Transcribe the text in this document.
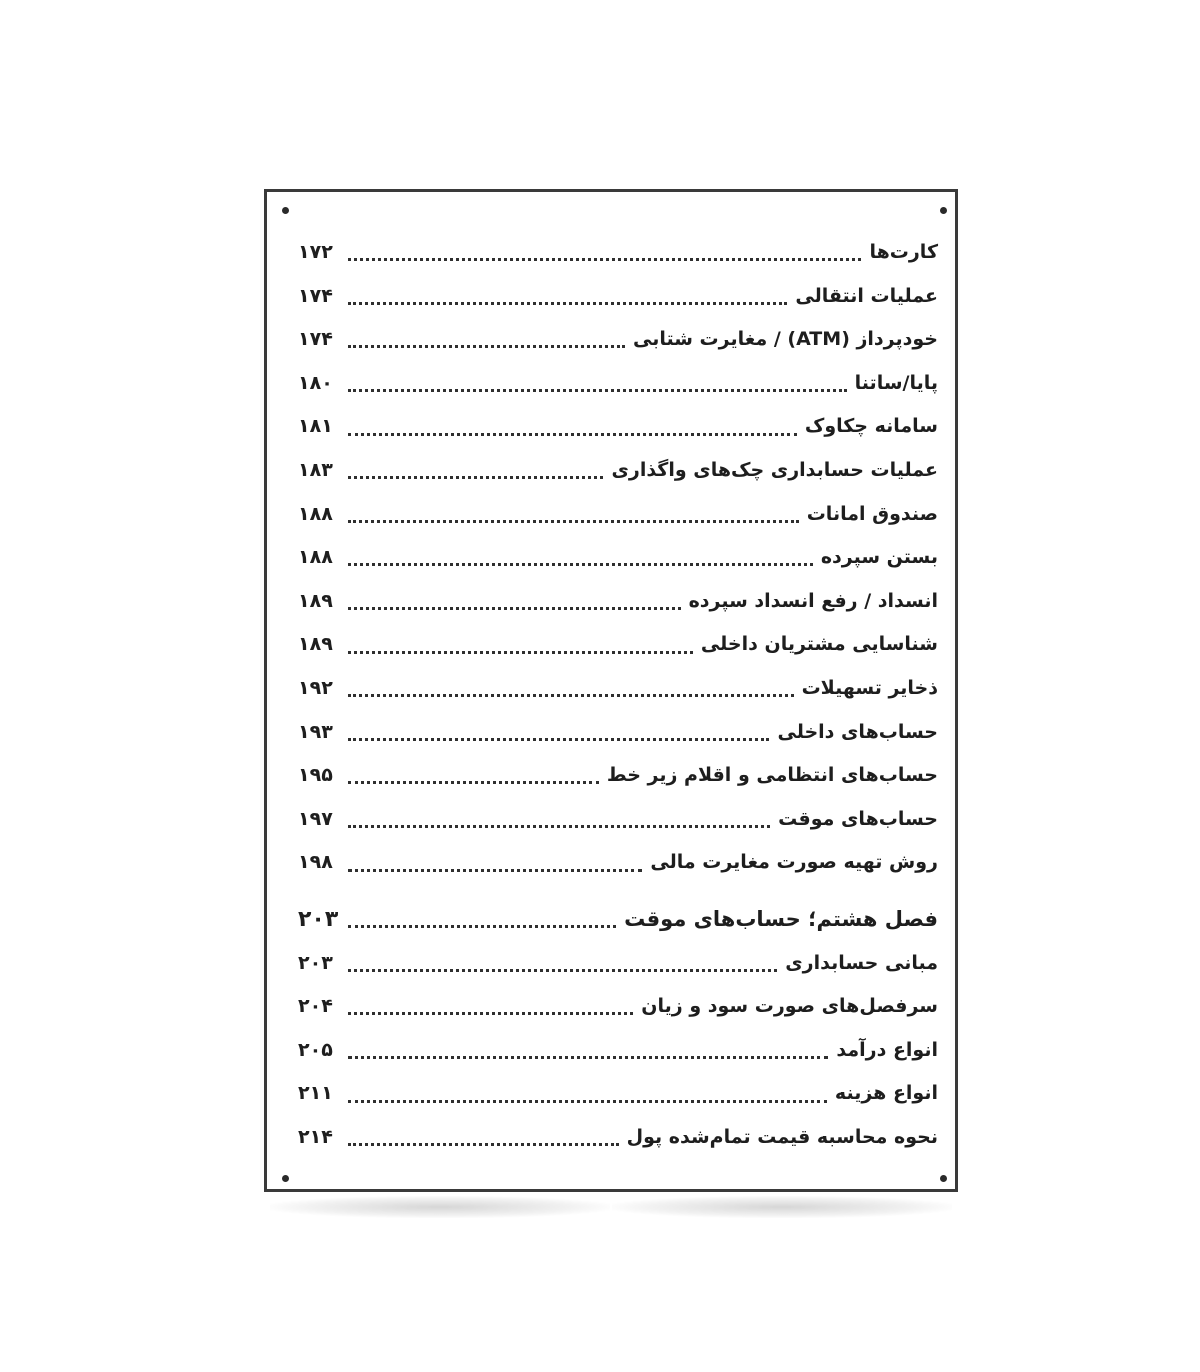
کارت‌ها
۱۷۲
عملیات انتقالی
۱۷۴
خودپرداز (ATM) / مغایرت شتابی
۱۷۴
پایا/ساتنا
۱۸۰
سامانه چکاوک
۱۸۱
عملیات حسابداری چک‌های واگذاری
۱۸۳
صندوق امانات
۱۸۸
بستن سپرده
۱۸۸
انسداد / رفع انسداد سپرده
۱۸۹
شناسایی مشتریان داخلی
۱۸۹
ذخایر تسهیلات
۱۹۲
حساب‌های داخلی
۱۹۳
حساب‌های انتظامی و اقلام زیر خط
۱۹۵
حساب‌های موقت
۱۹۷
روش تهیه صورت مغایرت مالی
۱۹۸
فصل هشتم؛ حساب‌های موقت
۲۰۳
مبانی حسابداری
۲۰۳
سرفصل‌های صورت سود و زیان
۲۰۴
انواع درآمد
۲۰۵
انواع هزینه
۲۱۱
نحوه محاسبه قیمت تمام‌شده پول
۲۱۴
